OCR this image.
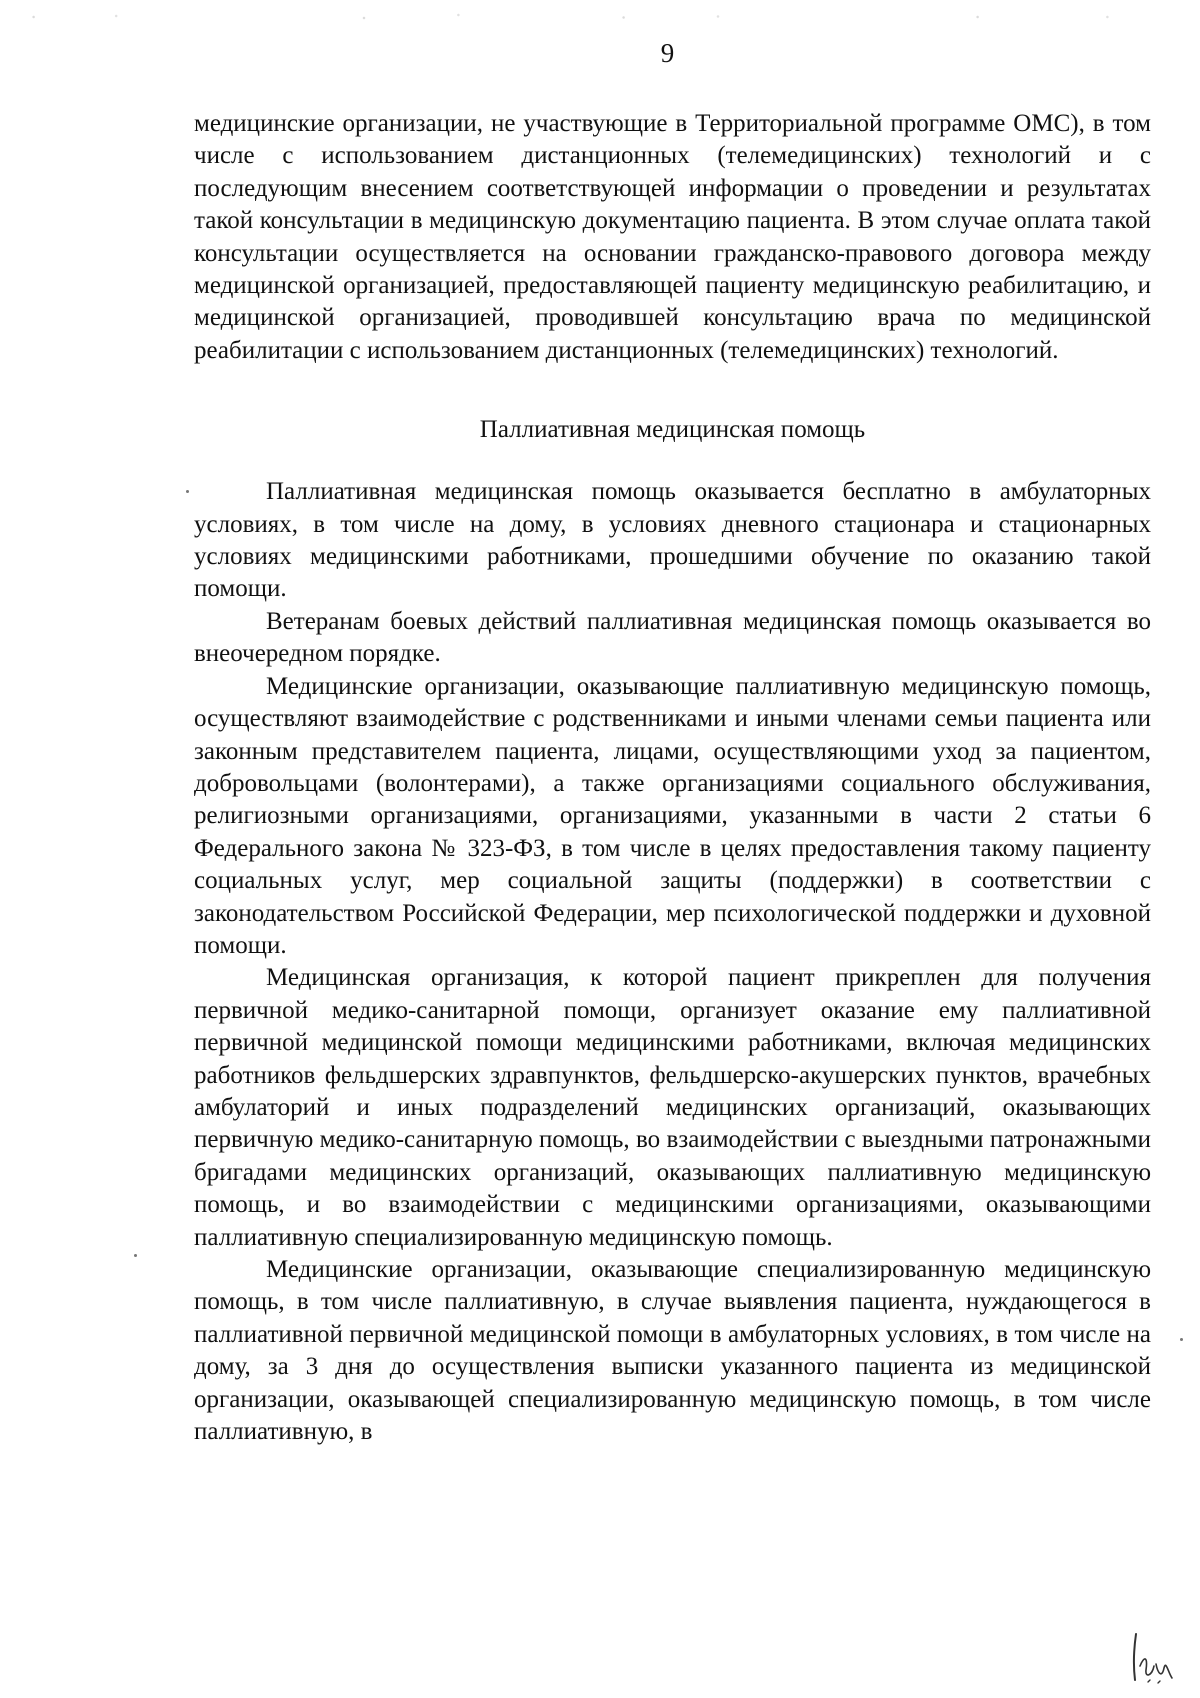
9

медицинские организации, не участвующие в Территориальной программе ОМС), в том числе с использованием дистанционных (телемедицинских) технологий и с последующим внесением соответствующей информации о проведении и результатах такой консультации в медицинскую документацию пациента. В этом случае оплата такой консультации осуществляется на основании гражданско-правового договора между медицинской организацией, предоставляющей пациенту медицинскую реабилитацию, и медицинской организацией, проводившей консультацию врача по медицинской реабилитации с использованием дистанционных (телемедицинских) технологий.

Паллиативная медицинская помощь

Паллиативная медицинская помощь оказывается бесплатно в амбулаторных условиях, в том числе на дому, в условиях дневного стационара и стационарных условиях медицинскими работниками, прошедшими обучение по оказанию такой помощи.

Ветеранам боевых действий паллиативная медицинская помощь оказывается во внеочередном порядке.

Медицинские организации, оказывающие паллиативную медицинскую помощь, осуществляют взаимодействие с родственниками и иными членами семьи пациента или законным представителем пациента, лицами, осуществляющими уход за пациентом, добровольцами (волонтерами), а также организациями социального обслуживания, религиозными организациями, организациями, указанными в части 2 статьи 6 Федерального закона № 323-ФЗ, в том числе в целях предоставления такому пациенту социальных услуг, мер социальной защиты (поддержки) в соответствии с законодательством Российской Федерации, мер психологической поддержки и духовной помощи.

Медицинская организация, к которой пациент прикреплен для получения первичной медико-санитарной помощи, организует оказание ему паллиативной первичной медицинской помощи медицинскими работниками, включая медицинских работников фельдшерских здравпунктов, фельдшерско-акушерских пунктов, врачебных амбулаторий и иных подразделений медицинских организаций, оказывающих первичную медико-санитарную помощь, во взаимодействии с выездными патронажными бригадами медицинских организаций, оказывающих паллиативную медицинскую помощь, и во взаимодействии с медицинскими организациями, оказывающими паллиативную специализированную медицинскую помощь.

Медицинские организации, оказывающие специализированную медицинскую помощь, в том числе паллиативную, в случае выявления пациента, нуждающегося в паллиативной первичной медицинской помощи в амбулаторных условиях, в том числе на дому, за 3 дня до осуществления выписки указанного пациента из медицинской организации, оказывающей специализированную медицинскую помощь, в том числе паллиативную, в
